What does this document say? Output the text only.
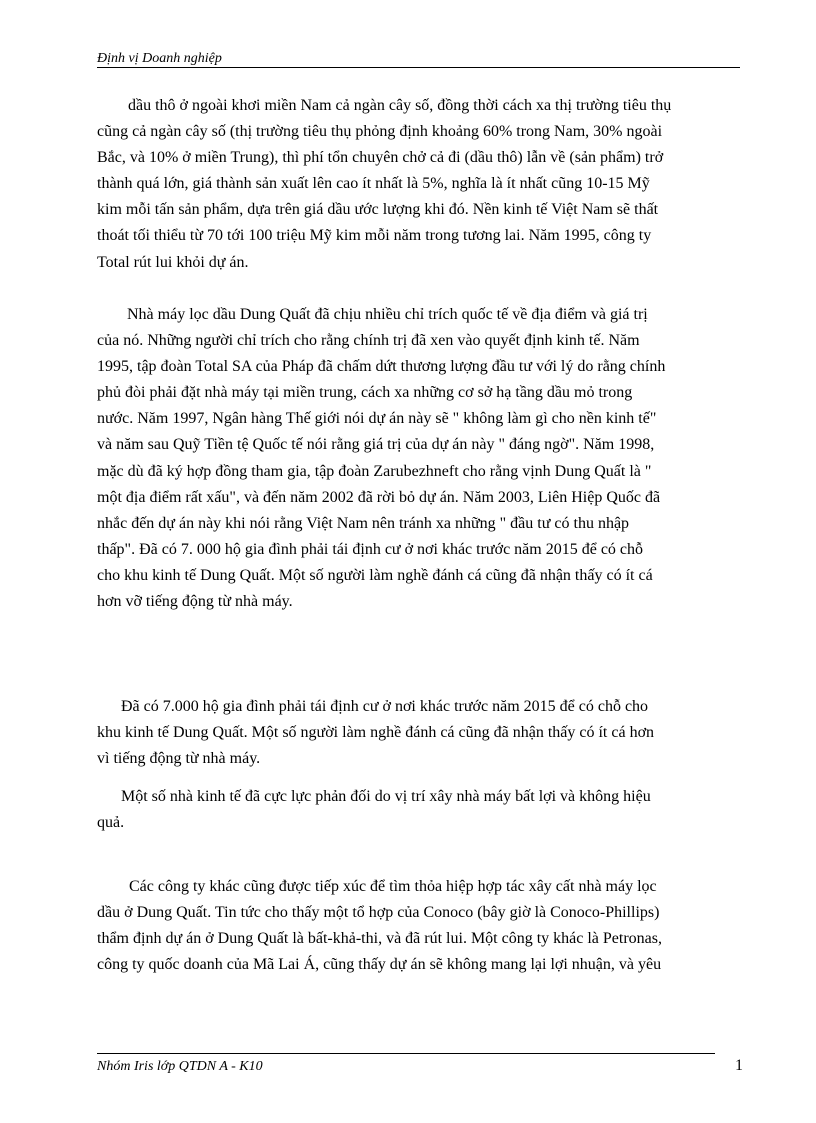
Định vị Doanh nghiệp
dầu thô ở ngoài khơi miền Nam cả ngàn cây số, đồng thời cách xa thị trường tiêu thụ
cũng cả ngàn cây số (thị trường tiêu thụ phỏng định khoảng 60% trong Nam, 30% ngoài
Bắc, và 10% ở miền Trung), thì phí tổn chuyên chở cả đi (dầu thô) lẫn về (sản phẩm) trở
thành quá lớn, giá thành sản xuất lên cao ít nhất là 5%, nghĩa là ít nhất cũng 10-15 Mỹ
kim mỗi tấn sản phẩm, dựa trên giá dầu ước lượng khi đó. Nền kinh tế Việt Nam sẽ thất
thoát tối thiểu từ 70 tới 100 triệu Mỹ kim mỗi năm trong tương lai. Năm 1995, công ty
Total rút lui khỏi dự án.
Nhà máy lọc dầu Dung Quất đã chịu nhiều chỉ trích quốc tế về địa điểm và giá trị
của nó. Những người chỉ trích cho rằng chính trị đã xen vào quyết định kinh tế. Năm
1995, tập đoàn Total SA của Pháp đã chấm dứt thương lượng đầu tư với lý do rằng chính
phủ đòi phải đặt nhà máy tại miền trung, cách xa những cơ sở hạ tầng dầu mỏ trong
nước. Năm 1997, Ngân hàng Thế giới nói dự án này sẽ " không làm gì cho nền kinh tế"
và năm sau Quỹ Tiền tệ Quốc tế nói rằng giá trị của dự án này " đáng ngờ". Năm 1998,
mặc dù đã ký hợp đồng tham gia, tập đoàn Zarubezhneft cho rằng vịnh Dung Quất là "
một địa điểm rất xấu", và đến năm 2002 đã rời bỏ dự án. Năm 2003, Liên Hiệp Quốc đã
nhắc đến dự án này khi nói rằng Việt Nam nên tránh xa những " đầu tư có thu nhập
thấp". Đã có 7. 000 hộ gia đình phải tái định cư ở nơi khác trước năm 2015 để có chỗ
cho khu kinh tế Dung Quất. Một số người làm nghề đánh cá cũng đã nhận thấy có ít cá
hơn vỡ tiếng động từ nhà máy.
Đã có 7.000 hộ gia đình phải tái định cư ở nơi khác trước năm 2015 để có chỗ cho
khu kinh tế Dung Quất. Một số người làm nghề đánh cá cũng đã nhận thấy có ít cá hơn
vì tiếng động từ nhà máy.
Một số nhà kinh tế đã cực lực phản đối do vị trí xây nhà máy bất lợi và không hiệu
quả.
Các công ty khác cũng được tiếp xúc để tìm thỏa hiệp hợp tác xây cất nhà máy lọc
dầu ở Dung Quất. Tin tức cho thấy một tổ hợp của Conoco (bây giờ là Conoco-Phillips)
thẩm định dự án ở Dung Quất là bất-khả-thi, và đã rút lui. Một công ty khác là Petronas,
công ty quốc doanh của Mã Lai Á, cũng thấy dự án sẽ không mang lại lợi nhuận, và yêu
Nhóm Iris lớp QTDN A - K10	1
